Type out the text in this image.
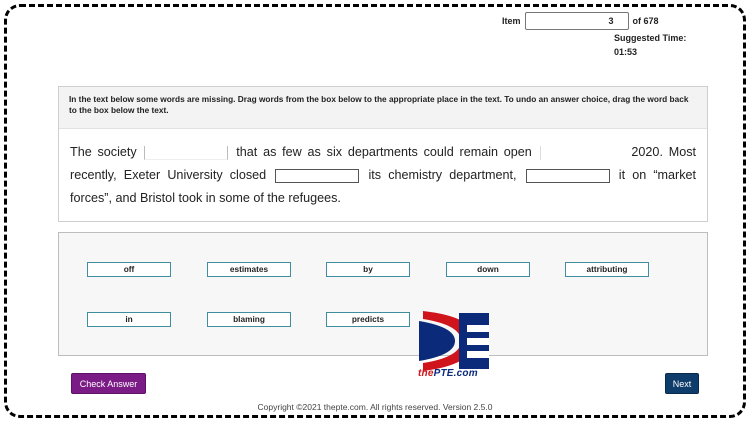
Item
3	of 678
Suggested Time:
01:53
In the text below some words are missing. Drag words from the box below to the appropriate place in the text. To undo an answer choice, drag the word back to the box below the text.
The society	that as few as six departments could remain open	2020. Most recently, Exeter University closed	its chemistry department,	it on “market forces”, and Bristol took in some of the refugees.
off	estimates	by	down	attributing
in	blaming	predicts
thePTE.com
Check Answer	Next
Copyright ©2021 thepte.com. All rights reserved. Version 2.5.0
